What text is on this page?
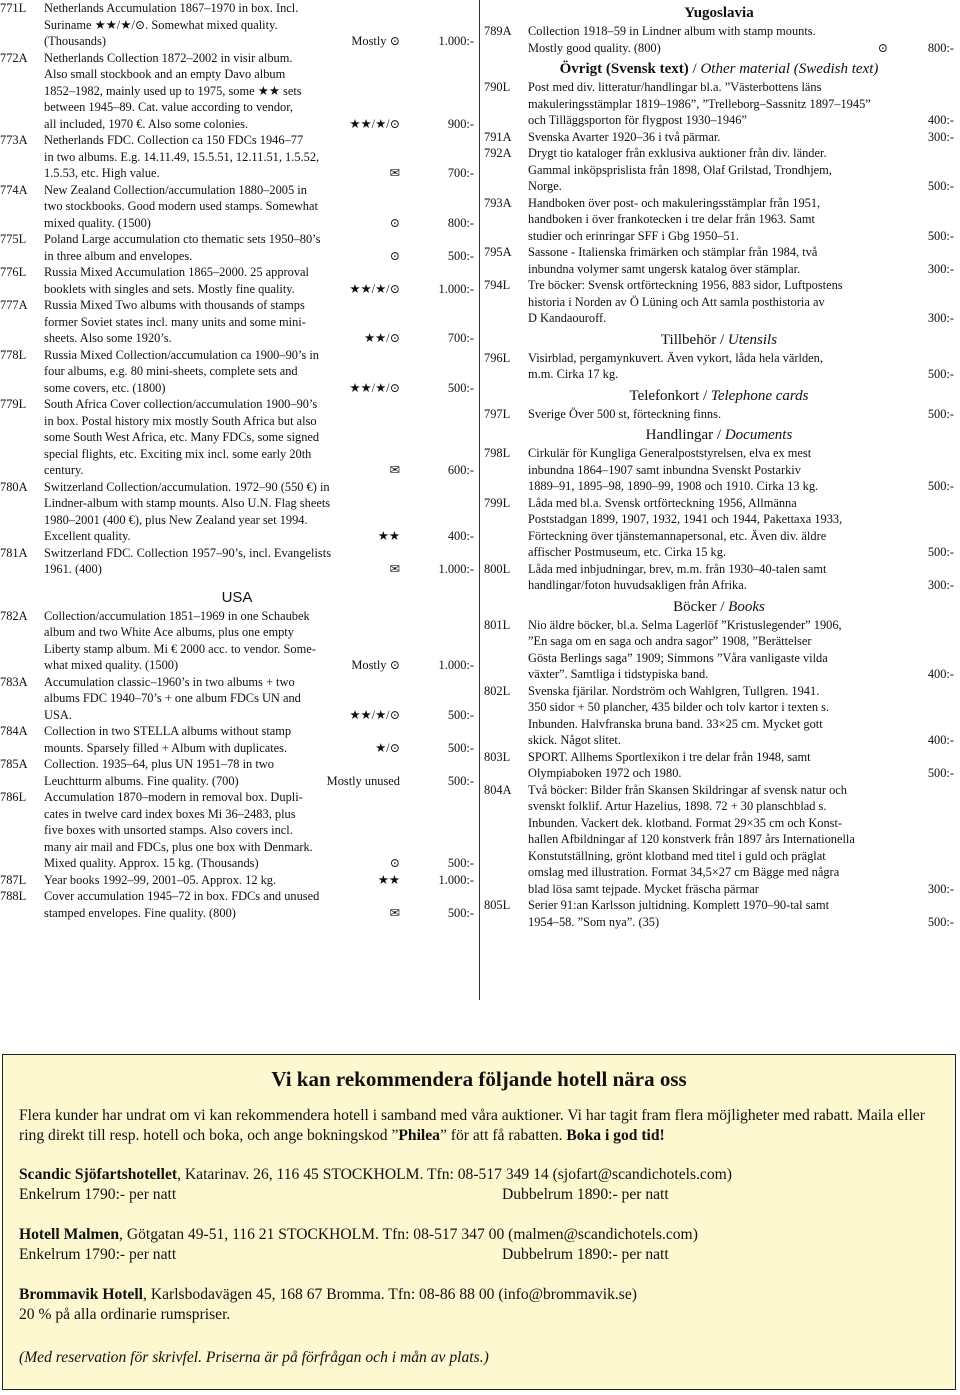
771L	Netherlands Accumulation 1867–1970 in box. Incl.
Suriname ★★/★/⊙. Somewhat mixed quality.
(Thousands)	Mostly ⊙	1.000:-
772A	Netherlands Collection 1872–2002 in visir album.
Also small stockbook and an empty Davo album
1852–1982, mainly used up to 1975, some ★★ sets
between 1945–89. Cat. value according to vendor,
all included, 1970 €. Also some colonies.	★★/★/⊙	900:-
773A	Netherlands FDC. Collection ca 150 FDCs 1946–77
in two albums. E.g. 14.11.49, 15.5.51, 12.11.51, 1.5.52,
1.5.53, etc. High value.	✉	700:-
774A	New Zealand Collection/accumulation 1880–2005 in
two stockbooks. Good modern used stamps. Somewhat
mixed quality. (1500)	⊙	800:-
775L	Poland Large accumulation cto thematic sets 1950–80’s
in three album and envelopes.	⊙	500:-
776L	Russia Mixed Accumulation 1865–2000. 25 approval
booklets with singles and sets. Mostly fine quality.	★★/★/⊙	1.000:-
777A	Russia Mixed Two albums with thousands of stamps
former Soviet states incl. many units and some mini-
sheets. Also some 1920’s.	★★/⊙	700:-
778L	Russia Mixed Collection/accumulation ca 1900–90’s in
four albums, e.g. 80 mini-sheets, complete sets and
some covers, etc. (1800)	★★/★/⊙	500:-
779L	South Africa Cover collection/accumulation 1900–90’s
in box. Postal history mix mostly South Africa but also
some South West Africa, etc. Many FDCs, some signed
special flights, etc. Exciting mix incl. some early 20th
century.	✉	600:-
780A	Switzerland Collection/accumulation. 1972–90 (550 €) in
Lindner-album with stamp mounts. Also U.N. Flag sheets
1980–2001 (400 €), plus New Zealand year set 1994.
Excellent quality.	★★	400:-
781A	Switzerland FDC. Collection 1957–90’s, incl. Evangelists
1961. (400)	✉	1.000:-
USA
782A	Collection/accumulation 1851–1969 in one Schaubek
album and two White Ace albums, plus one empty
Liberty stamp album. Mi € 2000 acc. to vendor. Some-
what mixed quality. (1500)	Mostly ⊙	1.000:-
783A	Accumulation classic–1960’s in two albums + two
albums FDC 1940–70’s + one album FDCs UN and
USA.	★★/★/⊙	500:-
784A	Collection in two STELLA albums without stamp
mounts. Sparsely filled + Album with duplicates.	★/⊙	500:-
785A	Collection. 1935–64, plus UN 1951–78 in two
Leuchtturm albums. Fine quality. (700)	Mostly unused	500:-
786L	Accumulation 1870–modern in removal box. Dupli-
cates in twelve card index boxes Mi 36–2483, plus
five boxes with unsorted stamps. Also covers incl.
many air mail and FDCs, plus one box with Denmark.
Mixed quality. Approx. 15 kg. (Thousands)	⊙	500:-
787L	Year books 1992–99, 2001–05. Approx. 12 kg.	★★	1.000:-
788L	Cover accumulation 1945–72 in box. FDCs and unused
stamped envelopes. Fine quality. (800)	✉	500:-
Yugoslavia
789A	Collection 1918–59 in Lindner album with stamp mounts.
Mostly good quality. (800)	⊙	800:-
Övrigt (Svensk text) / Other material (Swedish text)
790L	Post med div. litteratur/handlingar bl.a. ”Västerbottens läns
makuleringsstämplar 1819–1986”, ”Trelleborg–Sassnitz 1897–1945”
och Tilläggsporton för flygpost 1930–1946”	400:-
791A	Svenska Avarter 1920–36 i två pärmar.	300:-
792A	Drygt tio kataloger från exklusiva auktioner från div. länder.
Gammal inköpsprislista från 1898, Olaf Grilstad, Trondhjem,
Norge.	500:-
793A	Handboken över post- och makuleringsstämplar från 1951,
handboken i över frankotecken i tre delar från 1963. Samt
studier och erinringar SFF i Gbg 1950–51.	500:-
795A	Sassone - Italienska frimärken och stämplar från 1984, två
inbundna volymer samt ungersk katalog över stämplar.	300:-
794L	Tre böcker: Svensk ortförteckning 1956, 883 sidor, Luftpostens
historia i Norden av Ö Lüning och Att samla posthistoria av
D Kandaouroff.	300:-
Tillbehör / Utensils
796L	Visirblad, pergamynkuvert. Även vykort, låda hela världen,
m.m. Cirka 17 kg.	500:-
Telefonkort / Telephone cards
797L	Sverige Över 500 st, förteckning finns.	500:-
Handlingar / Documents
798L	Cirkulär för Kungliga Generalpoststyrelsen, elva ex mest
inbundna 1864–1907 samt inbundna Svenskt Postarkiv
1889–91, 1895–98, 1890–99, 1908 och 1910. Cirka 13 kg.	500:-
799L	Låda med bl.a. Svensk ortförteckning 1956, Allmänna
Poststadgan 1899, 1907, 1932, 1941 och 1944, Pakettaxa 1933,
Förteckning över tjänstemannapersonal, etc. Även div. äldre
affischer Postmuseum, etc. Cirka 15 kg.	500:-
800L	Låda med inbjudningar, brev, m.m. från 1930–40-talen samt
handlingar/foton huvudsakligen från Afrika.	300:-
Böcker / Books
801L	Nio äldre böcker, bl.a. Selma Lagerlöf ”Kristuslegender” 1906,
”En saga om en saga och andra sagor” 1908, ”Berättelser
Gösta Berlings saga” 1909; Simmons ”Våra vanligaste vilda
växter”. Samtliga i tidstypiska band.	400:-
802L	Svenska fjärilar. Nordström och Wahlgren, Tullgren. 1941.
350 sidor + 50 plancher, 435 bilder och tolv kartor i texten s.
Inbunden. Halvfranska bruna band. 33×25 cm. Mycket gott
skick. Något slitet.	400:-
803L	SPORT. Allhems Sportlexikon i tre delar från 1948, samt
Olympiaboken 1972 och 1980.	500:-
804A	Två böcker: Bilder från Skansen Skildringar af svensk natur och
svenskt folklif. Artur Hazelius, 1898. 72 + 30 planschblad s.
Inbunden. Vackert dek. klotband. Format 29×35 cm och Konst-
hallen Afbildningar af 120 konstverk från 1897 års Internationella
Konstutställning, grönt klotband med titel i guld och präglat
omslag med illustration. Format 34,5×27 cm Bägge med några
blad lösa samt tejpade. Mycket fräscha pärmar	300:-
805L	Serier 91:an Karlsson jultidning. Komplett 1970–90-tal samt
1954–58. ”Som nya”. (35)	500:-
Vi kan rekommendera följande hotell nära oss
Flera kunder har undrat om vi kan rekommendera hotell i samband med våra auktioner. Vi har tagit fram flera möjligheter med rabatt. Maila eller ring direkt till resp. hotell och boka, och ange bokningskod ”Philea” för att få rabatten. Boka i god tid!
Scandic Sjöfartshotellet, Katarinav. 26, 116 45 STOCKHOLM. Tfn: 08-517 349 14 (sjofart@scandichotels.com)
Enkelrum 1790:- per natt	Dubbelrum 1890:- per natt
Hotell Malmen, Götgatan 49-51, 116 21 STOCKHOLM. Tfn: 08-517 347 00 (malmen@scandichotels.com)
Enkelrum 1790:- per natt	Dubbelrum 1890:- per natt
Brommavik Hotell, Karlsbodavägen 45, 168 67 Bromma. Tfn: 08-86 88 00 (info@brommavik.se)
20 % på alla ordinarie rumspriser.
(Med reservation för skrivfel. Priserna är på förfrågan och i mån av plats.)
